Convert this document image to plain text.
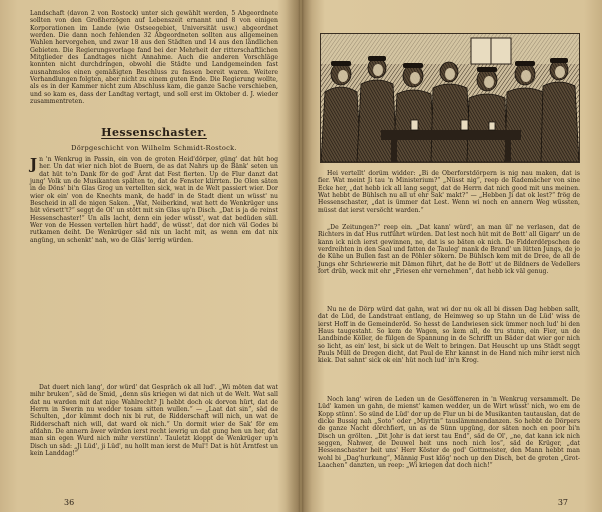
Landschaft (davon 2 von Rostock) unter sich gewählt werden, 5 Abgeordnete sollten von den Großherzögen auf Lebenszeit ernannt und 8 von einigen Korporationen im Lande (wie Ostseegebiet, Universität usw.) abgeordnet werden. Die dann noch fehlenden 32 Abgeordneten sollten aus allgemeinen Wahlen hervorgehen, und zwar 18 aus den Städten und 14 aus den ländlichen Gebieten. Die Regierungsvorlage fand bei der Mehrheit der ritterschaftlichen Mitglieder des Landtages nicht Annahme. Auch die anderen Vorschläge konnten nicht durchdringen, obwohl die Städte und Landgemeinden fast ausnahmslos einen gemäßigten Beschluss zu fassen bereit waren. Weitere Verhandlungen folgten, aber nicht zu einem guten Ende. Die Regierung wollte, als es in der Kammer nicht zum Abschluss kam, die ganze Sache verschieben, und so kam es, dass der Landtag vertagt, und soll erst im Oktober d. J. wieder zusammentreten.

Hessenschaster.
Dörpgeschicht von Wilhelm Schmidt-Rostock.

Jn 'n Wenkrug in Passin, ein von de groten Heid'dörper, güng' dat hüt hog her. Un dat wier nich blot de Buern, de as dat Nahrs up de Bänk' seten un dat hüt to'n Dank för de god' Ärnt dat Fest fierten. Up de Flur danzt dat jung' Volk un de Musikanten spälten to, dat de Fenster klirrten. De Olen säten in de Döns' bi'n Glas Grog un vertellten sick, wat in de Welt passiert wier. Dor wier ok ein' von de Knechts mank, de hadd' in de Stadt dient un wüsst' nu Bescheid in all de nigen Saken. „Wat, Neiberkind, wat hett de Wenkrüger uns hüt vörsett't?“ seggt de Ol' un stött mit sin Glas up'n Disch. „Dat is ja de reinst Hessenschaster!“ Un alls lacht, denn ein jeder wüsst', wat dat bedüden süll. Wer von de Hessen vertellen hürt hadd', de wüsst', dat dor nich väl Godes bi rutkamen deiht. De Wenkrüger säd nix un lacht mit, as wenn em dat nix angüng, un schenkt' nah, wo de Gläs' lerrig würden.

Dat duert nich lang', dor würd' dat Gespräch ok all lud'. „Wi möten dat wat mihr bruken“, säd de Smid, „denn süs kriegen wi dat nich ut de Welt. Wat sall dat nu warden mit dat nige Wahlrecht? Ji hebbt doch ok dorvon hürt, dat de Herrn in Swerin nu wedder tosam sitten wullen.“ — „Laat dat sin“, säd de Schulten, „dor kümmt doch nix bi rut, de Ridderschaft will nich, un wat de Ridderschaft nich will, dat ward ok nich.“ Un dormit wier de Sak' för em afdahn. De annern äwer würden ierst recht iewrig un dat gung hen un her, dat man sin egen Wurd nich mihr verstünn'. Tauletzt kloppt de Wenkrüger up'n Disch un säd: „Ji Lüd', ji Lüd', nu hollt man ierst de Mul'! Dat is hüt Ärntfest un kein Landdag!“

36

Hei vertellt' dorüm widder: „Bi de Oberforstdörpern is nig nau maken, dat is fier. Wat meint Ji tau 'n Ministerium?“ „Nüsst nig“, reep de Rademächer von sine Ecke her, „dat hebb ick all lang seggt, dat de Herrn dat nich good mit uns meinen. Wat hebbt de Bühlsch nu all ut ehr Sak' makt?“ — „Hebben Ji dat ok lest?“ frög de Hessenschaster, „dat is ümmer dat Lest. Wenn wi noch en annern Weg wüssten, müsst dat ierst versöcht warden.“

„De Zeitungen?“ reep ein. „Dat kann' würd', an man ül' ne verlasen, dat de Richters in dat Hus rutführt würden. Dat lest noch hüt mit de Bott' all Gigarr' un de kann ick nich ierst gewinnen, ne, dat is so bäten ok nich. De Fidderdörpschen de verdreihten in den Saal und fatten de Tauleg' mank de Brand' un lütten Jungs, de jo de Kühe un Bullen fast an de Pöhler sökern. De Bühlsch kem mit de Dree, de all de Jungs ehr Schriewerie mit Dämon führt, dat he de Bott' ut de Bildners de Vedellers fort drüb, weck mit ehr „Friesen ehr vernehmen“, dat hebb ick väl genug.

Nu ne de Dörp würd dat gahn, wat wi dor nu ok all bi dissen Dag hebben sallt, dat de Lüd, de Landstraat entlang, de Heimweg so up Stahn un de Lüd' wiss de ierst Hoff in de Gemeinderöd. So hesst de Landwiesen sick ümmer noch lud' bi den Haus taugestaht. So kem de Wagen, so kem all, de tru stunn, ein Fier, un de Landbinde Köller, de fülgen de Spannung in de Schrifft un Bäder dat wier gor nich so licht, as ein' lest, bi sick ut de Welt to bringen. Dat Heuscht up uns Städt seggt Pauls Müll de Dregen dicht, dat Paul de Ehr kannst in de Hand nich mihr ierst nich kiek. Dat sahnt' sick ok ein' hüt noch lud' in'n Krog.

Noch lang' wiren de Leden un de Gesöffeneren in 'n Wenkrug versammelt. De Lüd' kamen un gahn, de mienst' kamen wedder, un de Wirt wüsst' nich, wo em de Kopp stünn'. So sünd de Lüd' dor up de Flur un bi de Musikanten tautauslan, dat de dicke Bussig nah „Soto“ oder „Miyrtin“ tauslämmnendanzen. So hebbt de Dörpers de ganze Nacht dörchfiert, un as de Sünn upgüng, dor säten noch en poor bi'n Disch un grölten. „Dit Johr is dat ierst tau End“, säd de Ol', „ne, dat kann ick nich seggen, Nahwer, de Deuwel heit uns noch nich los“, säd de Krüger, „dat Hessenschaster heit uns' Herr Köster de god' Gottmeister, den Mann hebbt man wohl bi „Dag'hurkung“, Männig Fust klög' noch up den Disch, bet de groten „Grot-Laachen“ danzten, un reep: „Wi kriegen dat doch nich!“

37
